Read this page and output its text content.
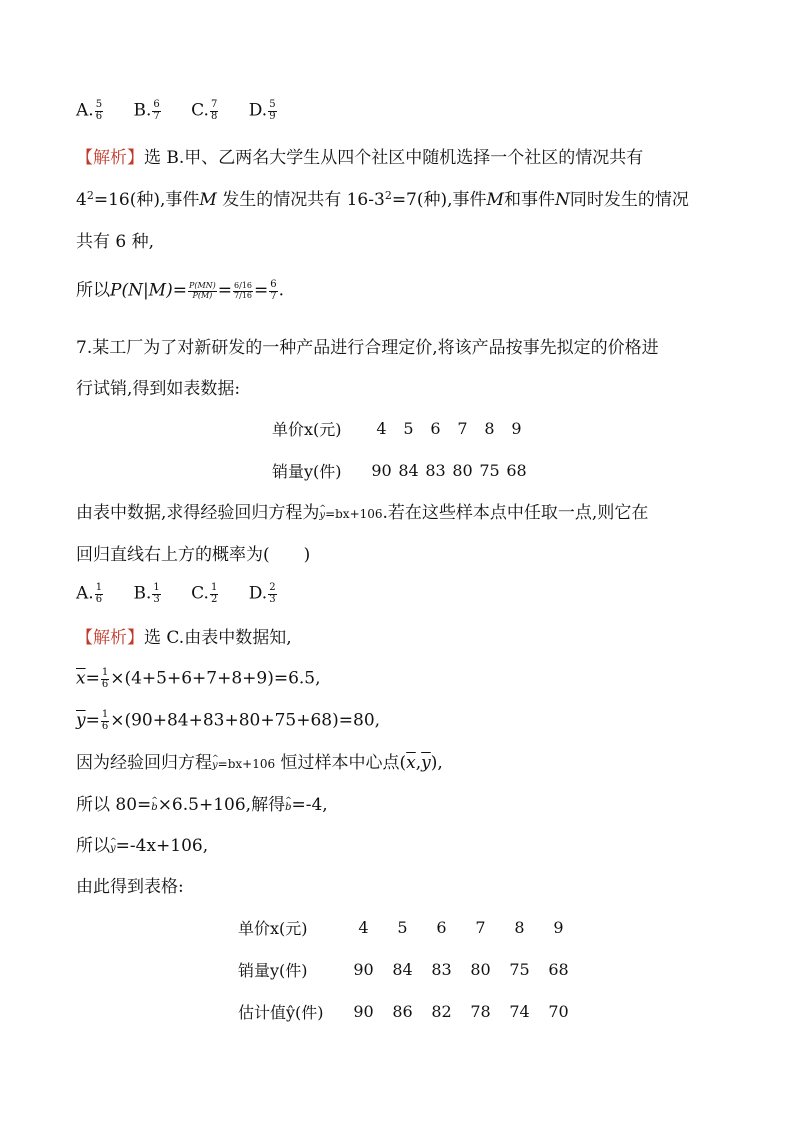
A. $\frac{5}{6} B$. $\frac{6}{7} C$. $\frac{7}{8} D$. $\frac{5}{9}$
【解析】选 B.甲、乙两名大学生从四个社区中随机选择一个社区的情况共有
$4^2=16$(种),事件M 发生的情况共有 $16-3^2=7$(种),事件M和事件N同时发生的情况
共有 6 种,
所以$P(N|M)= \frac{P(MN)}{P(M)} = \frac{6/16}{7/16} = \frac{6}{7}$ .
7.某工厂为了对新研发的一种产品进行合理定价,将该产品按事先拟定的价格进
行试销,得到如表数据:
单价x(元)	4	5	6	7	8	9
销量y(件)	90	84	83	80	75	68
由表中数据,求得经验回归方程为^ y=bx+106.若在这些样本点中任取一点,则它在
回归直线右上方的概率为(　　)
A. $\frac{1}{6} B$. $\frac{1}{3} C$. $\frac{1}{2} D$. $\frac{2}{3}$
【解析】选 C.由表中数据知,
$\overline{x}= \frac{1}{6} \times(4+5+6+7+8+9)=6.5$,
$\overline{y}= \frac{1}{6} \times(90+84+83+80+75+68)=80$,
因为经验回归方程^ y=bx+106 恒过样本中心点$(\overline{x},\overline{y})$,
所以 80=^ b×6.5+106,解得^ b=-4,
所以^ y=-4x+106,
由此得到表格:
单价x(元)	4	5	6	7	8	9
销量y(件)	90	84	83	80	75	68
估计值ŷ(件)	90	86	82	78	74	70
